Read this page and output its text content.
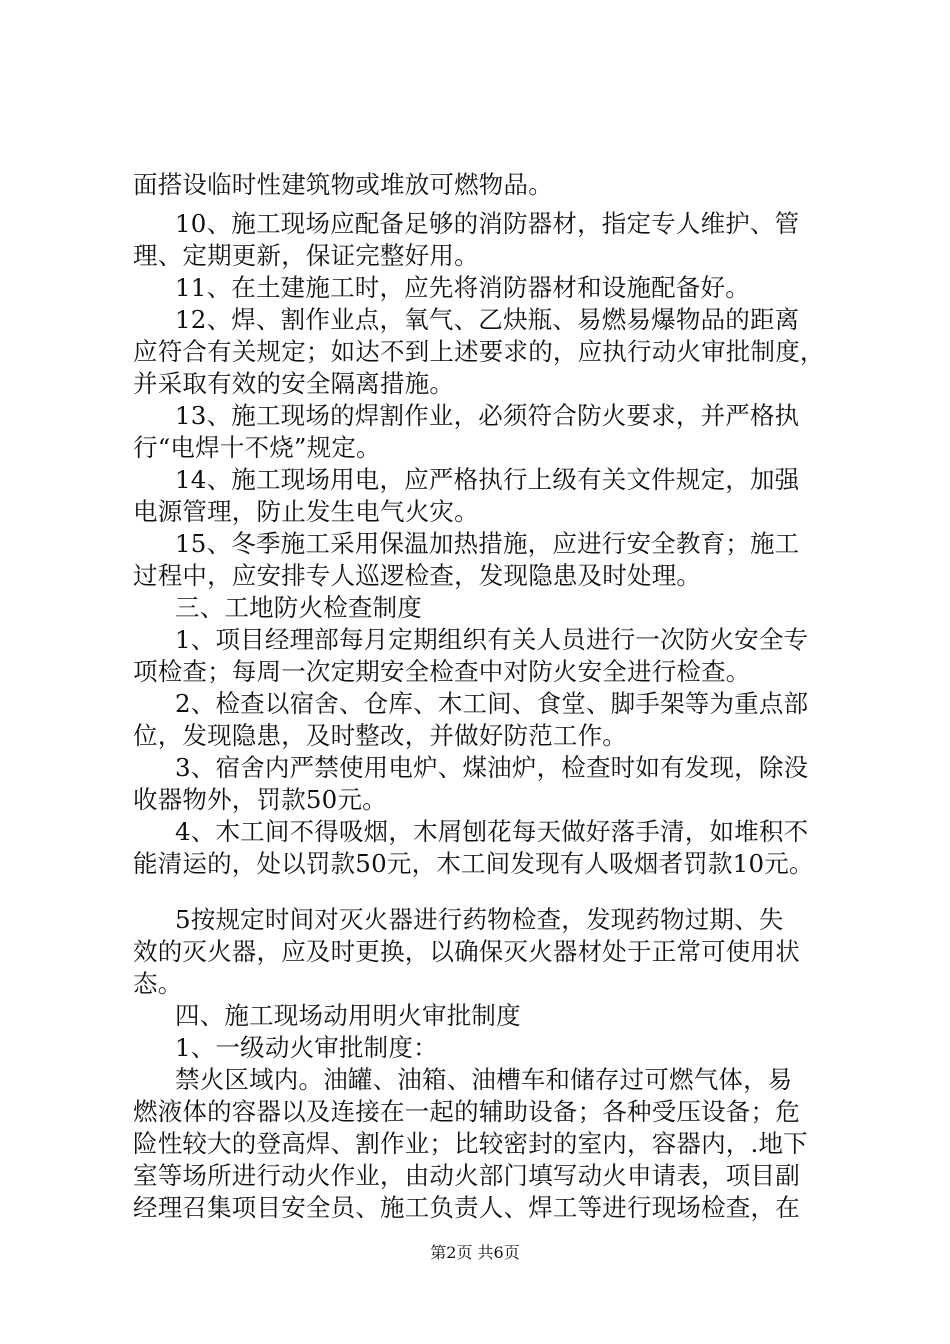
面搭设临时性建筑物或堆放可燃物品。
10、施工现场应配备足够的消防器材，指定专人维护、管
理、定期更新，保证完整好用。
11、在土建施工时，应先将消防器材和设施配备好。
12、焊、割作业点，氧气、乙炔瓶、易燃易爆物品的距离
应符合有关规定；如达不到上述要求的，应执行动火审批制度，
并采取有效的安全隔离措施。
13、施工现场的焊割作业，必须符合防火要求，并严格执
行“电焊十不烧”规定。
14、施工现场用电，应严格执行上级有关文件规定，加强
电源管理，防止发生电气火灾。
15、冬季施工采用保温加热措施，应进行安全教育；施工
过程中，应安排专人巡逻检查，发现隐患及时处理。
三、工地防火检查制度
1、项目经理部每月定期组织有关人员进行一次防火安全专
项检查；每周一次定期安全检查中对防火安全进行检查。
2、检查以宿舍、仓库、木工间、食堂、脚手架等为重点部
位，发现隐患，及时整改，并做好防范工作。
3、宿舍内严禁使用电炉、煤油炉，检查时如有发现，除没
收器物外，罚款50元。
4、木工间不得吸烟，木屑刨花每天做好落手清，如堆积不
能清运的，处以罚款50元，木工间发现有人吸烟者罚款10元。
5按规定时间对灭火器进行药物检查，发现药物过期、失
效的灭火器，应及时更换，以确保灭火器材处于正常可使用状
态。
四、施工现场动用明火审批制度
1、一级动火审批制度：
禁火区域内。油罐、油箱、油槽车和储存过可燃气体，易
燃液体的容器以及连接在一起的辅助设备；各种受压设备；危
险性较大的登高焊、割作业；比较密封的室内，容器内，.地下
室等场所进行动火作业，由动火部门填写动火申请表，项目副
经理召集项目安全员、施工负责人、焊工等进行现场检查，在
第2页 共6页
